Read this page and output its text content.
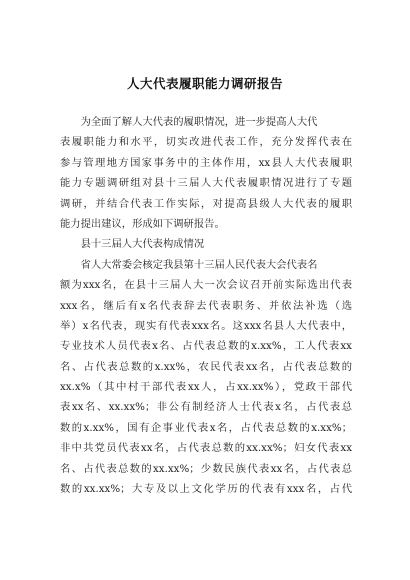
人大代表履职能力调研报告
　　为全面了解人大代表的履职情况，进一步提高人大代
表履职能力和水平，切实改进代表工作，充分发挥代表在
参与管理地方国家事务中的主体作用，xx县人大代表履职
能力专题调研组对县十三届人大代表履职情况进行了专题
调研，并结合代表工作实际，对提高县级人大代表的履职
能力提出建议，形成如下调研报告。
　　县十三届人大代表构成情况
　　省人大常委会核定我县第十三届人民代表大会代表名
额为xxx名，在县十三届人大一次会议召开前实际选出代表
xxx名，继后有x名代表辞去代表职务、并依法补选（选
举）x名代表，现实有代表xxx名。这xxx名县人大代表中，
专业技术人员代表x名、占代表总数的x.xx%，工人代表xx
名、占代表总数的x.xx%，农民代表xx名，占代表总数的
xx.x%（其中村干部代表xx人，占xx.xx%），党政干部代
表xx名、xx.xx%；非公有制经济人士代表x名，占代表总
数的x.xx%，国有企事业代表x名，占代表总数的x.xx%；
非中共党员代表xx名，占代表总数的xx.xx%；妇女代表xx
名、占代表总数的xx.xx%；少数民族代表xx名，占代表总
数的xx.xx%；大专及以上文化学历的代表有xxx名，占代
